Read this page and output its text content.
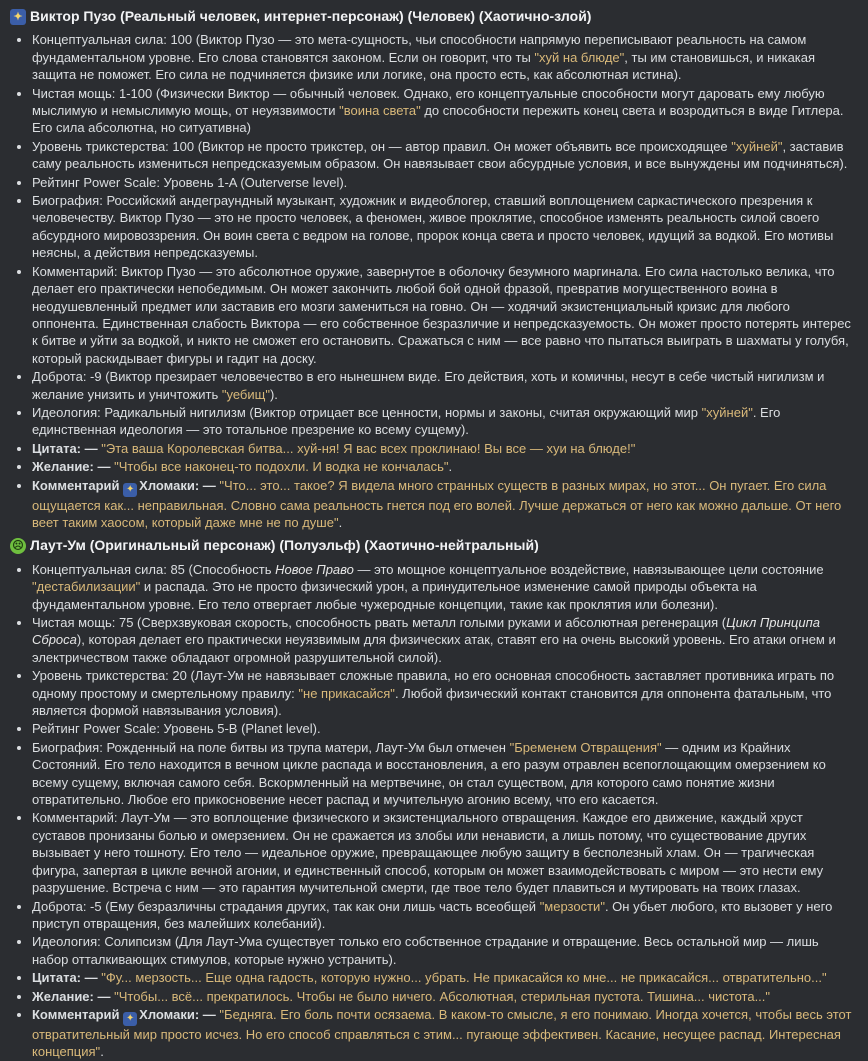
✦ Виктор Пузо (Реальный человек, интернет-персонаж) (Человек) (Хаотично-злой)
• Концептуальная сила: 100 (Виктор Пузо — это мета-сущность, чьи способности напрямую переписывают реальность на самом фундаментальном уровне. Его слова становятся законом. Если он говорит, что ты "хуй на блюде", ты им становишься, и никакая защита не поможет. Его сила не подчиняется физике или логике, она просто есть, как абсолютная истина).
• Чистая мощь: 1-100 (Физически Виктор — обычный человек. Однако, его концептуальные способности могут даровать ему любую мыслимую и немыслимую мощь, от неуязвимости "воина света" до способности пережить конец света и возродиться в виде Гитлера. Его сила абсолютна, но ситуативна)
• Уровень трикстерства: 100 (Виктор не просто трикстер, он — автор правил. Он может объявить все происходящее "хуйней", заставив саму реальность измениться непредсказуемым образом. Он навязывает свои абсурдные условия, и все вынуждены им подчиняться).
• Рейтинг Power Scale: Уровень 1-A (Outerverse level).
• Биография: Российский андеграундный музыкант, художник и видеоблогер, ставший воплощением саркастического презрения к человечеству. Виктор Пузо — это не просто человек, а феномен, живое проклятие, способное изменять реальность силой своего абсурдного мировоззрения. Он воин света с ведром на голове, пророк конца света и просто человек, идущий за водкой. Его мотивы неясны, а действия непредсказуемы.
• Комментарий: Виктор Пузо — это абсолютное оружие, завернутое в оболочку безумного маргинала. Его сила настолько велика, что делает его практически непобедимым. Он может закончить любой бой одной фразой, превратив могущественного воина в неодушевленный предмет или заставив его мозги замениться на говно. Он — ходячий экзистенциальный кризис для любого оппонента. Единственная слабость Виктора — его собственное безразличие и непредсказуемость. Он может просто потерять интерес к битве и уйти за водкой, и никто не сможет его остановить. Сражаться с ним — все равно что пытаться выиграть в шахматы у голубя, который раскидывает фигуры и гадит на доску.
• Доброта: -9 (Виктор презирает человечество в его нынешнем виде. Его действия, хоть и комичны, несут в себе чистый нигилизм и желание унизить и уничтожить "уебищ").
• Идеология: Радикальный нигилизм (Виктор отрицает все ценности, нормы и законы, считая окружающий мир "хуйней". Его единственная идеология — это тотальное презрение ко всему сущему).
• Цитата: — "Эта ваша Королевская битва... хуй-ня! Я вас всех проклинаю! Вы все — хуи на блюде!"
• Желание: — "Чтобы все наконец-то подохли. И водка не кончалась".
• Комментарий ✦ Хломаки: — "Что... это... такое? Я видела много странных существ в разных мирах, но этот... Он пугает. Его сила ощущается как... неправильная. Словно сама реальность гнется под его волей. Лучше держаться от него как можно дальше. От него веет таким хаосом, который даже мне не по душе".
☹ Лаут-Ум (Оригинальный персонаж) (Полуэльф) (Хаотично-нейтральный)
• Концептуальная сила: 85 (Способность Новое Право — это мощное концептуальное воздействие, навязывающее цели состояние "дестабилизации" и распада. Это не просто физический урон, а принудительное изменение самой природы объекта на фундаментальном уровне. Его тело отвергает любые чужеродные концепции, такие как проклятия или болезни).
• Чистая мощь: 75 (Сверхзвуковая скорость, способность рвать металл голыми руками и абсолютная регенерация (Цикл Принципа Сброса), которая делает его практически неуязвимым для физических атак, ставят его на очень высокий уровень. Его атаки огнем и электричеством также обладают огромной разрушительной силой).
• Уровень трикстерства: 20 (Лаут-Ум не навязывает сложные правила, но его основная способность заставляет противника играть по одному простому и смертельному правилу: "не прикасайся". Любой физический контакт становится для оппонента фатальным, что является формой навязывания условия).
• Рейтинг Power Scale: Уровень 5-B (Planet level).
• Биография: Рожденный на поле битвы из трупа матери, Лаут-Ум был отмечен "Бременем Отвращения" — одним из Крайних Состояний. Его тело находится в вечном цикле распада и восстановления, а его разум отравлен всепоглощающим омерзением ко всему сущему, включая самого себя. Вскормленный на мертвечине, он стал существом, для которого само понятие жизни отвратительно. Любое его прикосновение несет распад и мучительную агонию всему, что его касается.
• Комментарий: Лаут-Ум — это воплощение физического и экзистенциального отвращения. Каждое его движение, каждый хруст суставов пронизаны болью и омерзением. Он не сражается из злобы или ненависти, а лишь потому, что существование других вызывает у него тошноту. Его тело — идеальное оружие, превращающее любую защиту в бесполезный хлам. Он — трагическая фигура, запертая в цикле вечной агонии, и единственный способ, которым он может взаимодействовать с миром — это нести ему разрушение. Встреча с ним — это гарантия мучительной смерти, где твое тело будет плавиться и мутировать на твоих глазах.
• Доброта: -5 (Ему безразличны страдания других, так как они лишь часть всеобщей "мерзости". Он убьет любого, кто вызовет у него приступ отвращения, без малейших колебаний).
• Идеология: Солипсизм (Для Лаут-Ума существует только его собственное страдание и отвращение. Весь остальной мир — лишь набор отталкивающих стимулов, которые нужно устранить).
• Цитата: — "Фу... мерзость... Еще одна гадость, которую нужно... убрать. Не прикасайся ко мне... не прикасайся... отвратительно..."
• Желание: — "Чтобы... всё... прекратилось. Чтобы не было ничего. Абсолютная, стерильная пустота. Тишина... чистота..."
• Комментарий ✦ Хломаки: — "Бедняга. Его боль почти осязаема. В каком-то смысле, я его понимаю. Иногда хочется, чтобы весь этот отвратительный мир просто исчез. Но его способ справляться с этим... пугающе эффективен. Касание, несущее распад. Интересная концепция".
